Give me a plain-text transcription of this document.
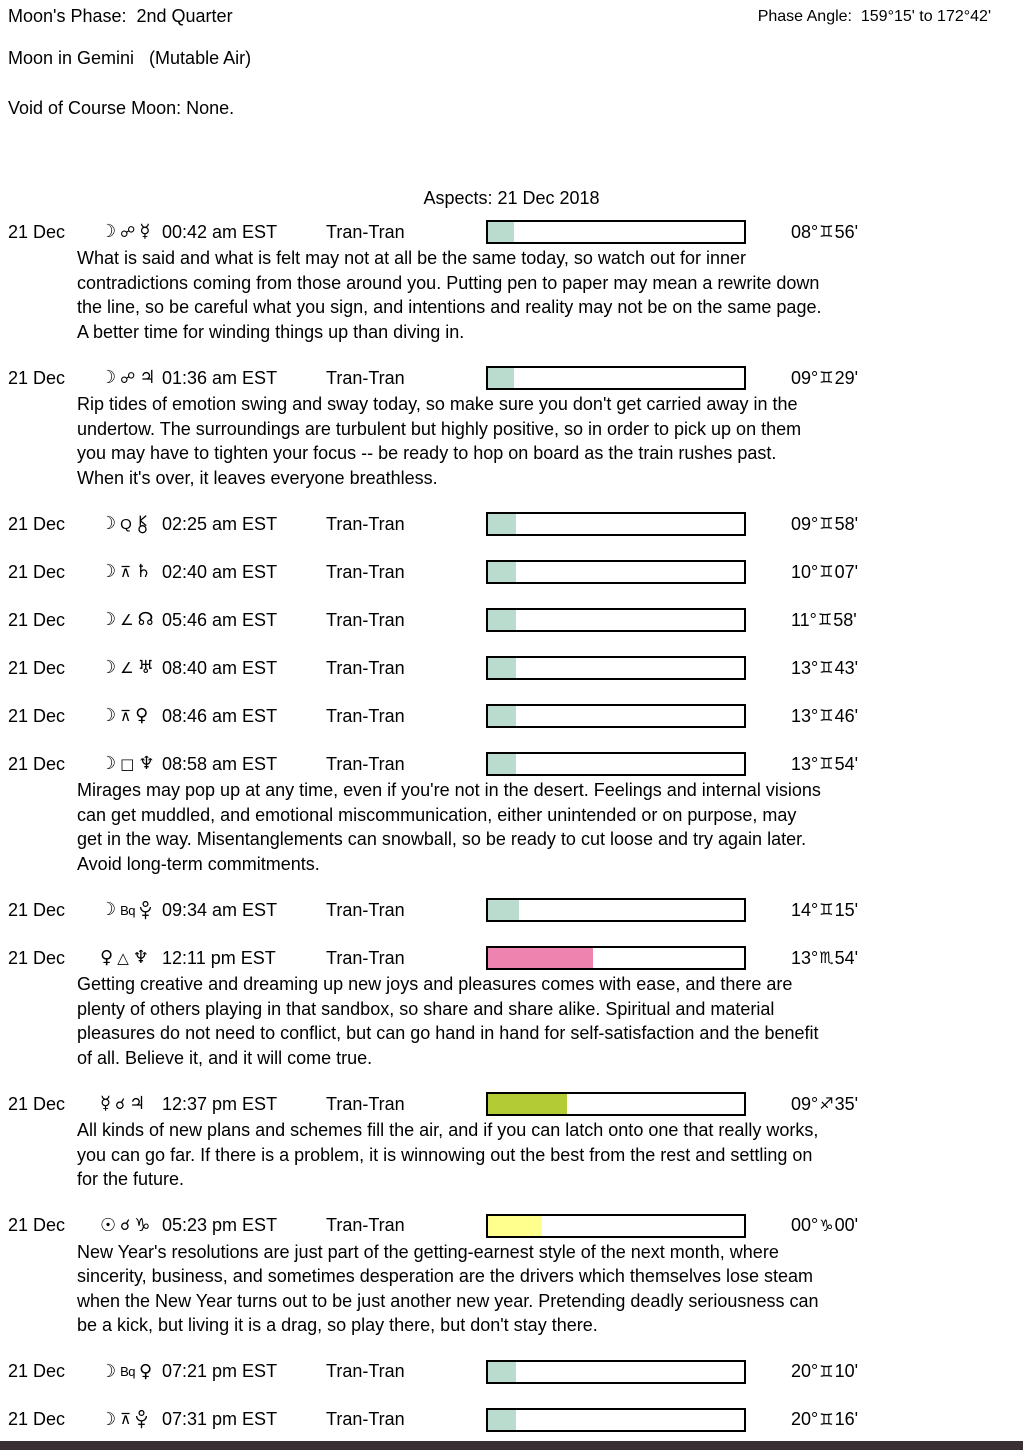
Moon's Phase:  2nd Quarter	Phase Angle:  159°15' to 172°42'
Moon in Gemini   (Mutable Air)
Void of Course Moon: None.
Aspects: 21 Dec 2018
21 Dec	☽ ☍ ☿ 00:42 am EST	Tran-Tran	08° ♊ 56'
What is said and what is felt may not at all be the same today, so watch out for inner
contradictions coming from those around you. Putting pen to paper may mean a rewrite down
the line, so be careful what you sign, and intentions and reality may not be on the same page.
A better time for winding things up than diving in.
21 Dec	☽ ☍ ♃ 01:36 am EST	Tran-Tran	09° ♊ 29'
Rip tides of emotion swing and sway today, so make sure you don't get carried away in the
undertow. The surroundings are turbulent but highly positive, so in order to pick up on them
you may have to tighten your focus -- be ready to hop on board as the train rushes past.
When it's over, it leaves everyone breathless.
21 Dec	☽ Q 02:25 am EST	Tran-Tran	09° ♊ 58'
21 Dec	☽ ⊼ ♄ 02:40 am EST	Tran-Tran	10° ♊ 07'
21 Dec	☽ ∠ ☊ 05:46 am EST	Tran-Tran	11° ♊ 58'
21 Dec	☽ ∠ ♅ 08:40 am EST	Tran-Tran	13° ♊ 43'
21 Dec	☽ ⊼ ♀ 08:46 am EST	Tran-Tran	13° ♊ 46'
21 Dec	☽ □ ♆ 08:58 am EST	Tran-Tran	13° ♊ 54'
Mirages may pop up at any time, even if you're not in the desert. Feelings and internal visions
can get muddled, and emotional miscommunication, either unintended or on purpose, may
get in the way. Misentanglements can snowball, so be ready to cut loose and try again later.
Avoid long-term commitments.
21 Dec	☽ Bq 09:34 am EST	Tran-Tran	14° ♊ 15'
21 Dec	♀ △ ♆ 12:11 pm EST	Tran-Tran	13° ♏ 54'
Getting creative and dreaming up new joys and pleasures comes with ease, and there are
plenty of others playing in that sandbox, so share and share alike. Spiritual and material
pleasures do not need to conflict, but can go hand in hand for self-satisfaction and the benefit
of all. Believe it, and it will come true.
21 Dec	☿ ☌ ♃ 12:37 pm EST	Tran-Tran	09° ♐ 35'
All kinds of new plans and schemes fill the air, and if you can latch onto one that really works,
you can go far. If there is a problem, it is winnowing out the best from the rest and settling on
for the future.
21 Dec	☉ ☌ ♑ 05:23 pm EST	Tran-Tran	00° ♑ 00'
New Year's resolutions are just part of the getting-earnest style of the next month, where
sincerity, business, and sometimes desperation are the drivers which themselves lose steam
when the New Year turns out to be just another new year. Pretending deadly seriousness can
be a kick, but living it is a drag, so play there, but don't stay there.
21 Dec	☽ Bq ♀ 07:21 pm EST	Tran-Tran	20° ♊ 10'
21 Dec	☽ ⊼ 07:31 pm EST	Tran-Tran	20° ♊ 16'
